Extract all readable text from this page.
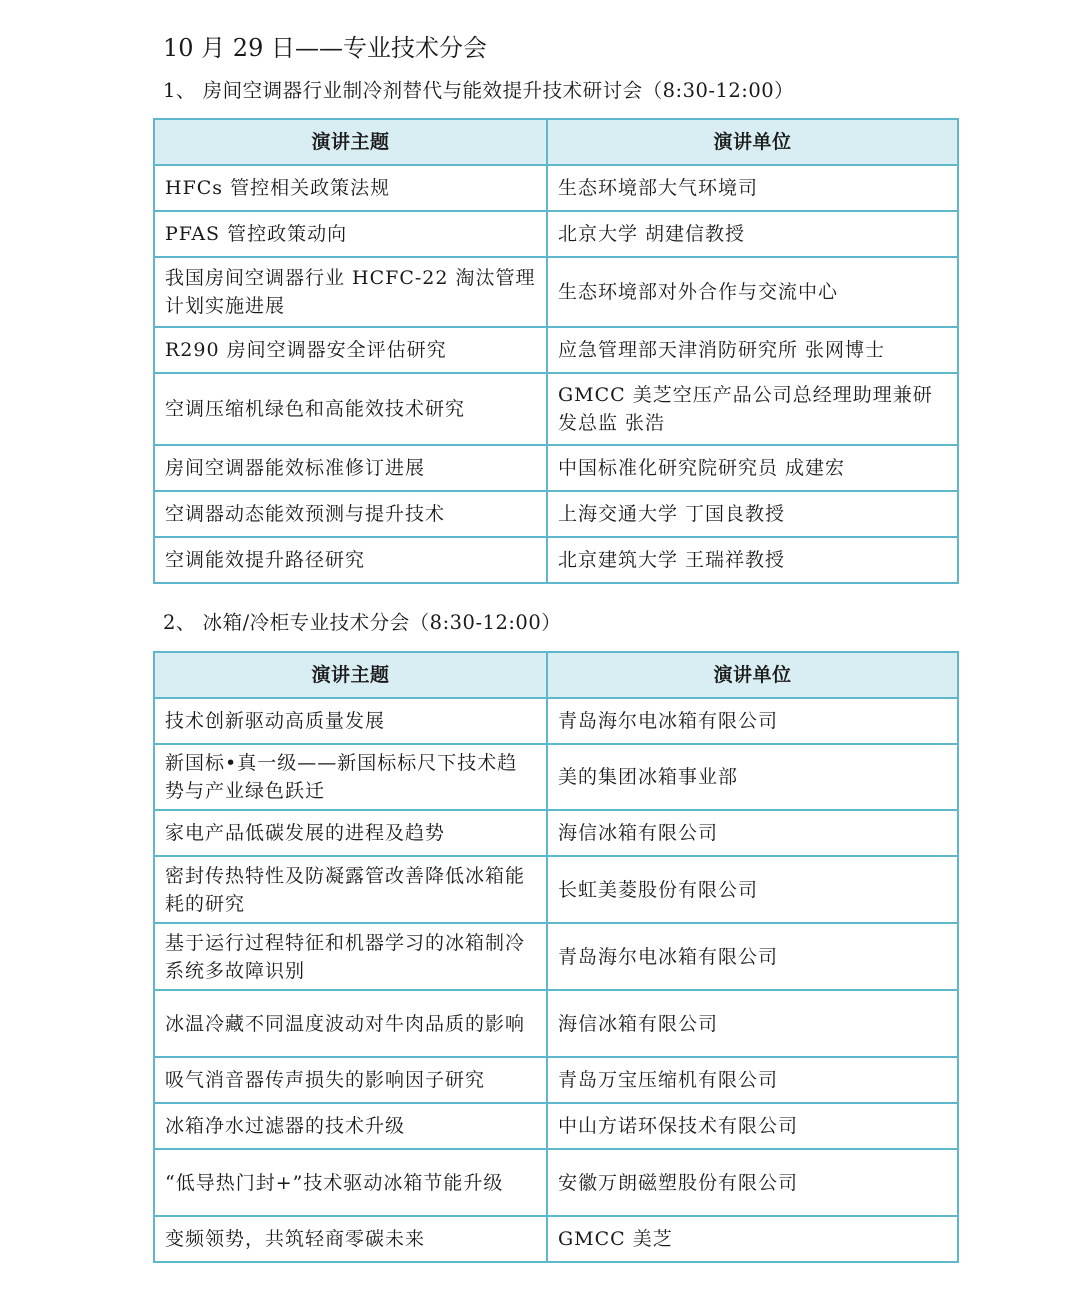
10 月 29 日——专业技术分会
1、 房间空调器行业制冷剂替代与能效提升技术研讨会（8:30-12:00）
演讲主题	演讲单位
HFCs 管控相关政策法规	生态环境部大气环境司
PFAS 管控政策动向	北京大学 胡建信教授
我国房间空调器行业 HCFC-22 淘汰管理计划实施进展	生态环境部对外合作与交流中心
R290 房间空调器安全评估研究	应急管理部天津消防研究所 张网博士
空调压缩机绿色和高能效技术研究	GMCC 美芝空压产品公司总经理助理兼研发总监 张浩
房间空调器能效标准修订进展	中国标准化研究院研究员 成建宏
空调器动态能效预测与提升技术	上海交通大学 丁国良教授
空调能效提升路径研究	北京建筑大学 王瑞祥教授
2、 冰箱/冷柜专业技术分会（8:30-12:00）
演讲主题	演讲单位
技术创新驱动高质量发展	青岛海尔电冰箱有限公司
新国标•真一级——新国标标尺下技术趋势与产业绿色跃迁	美的集团冰箱事业部
家电产品低碳发展的进程及趋势	海信冰箱有限公司
密封传热特性及防凝露管改善降低冰箱能耗的研究	长虹美菱股份有限公司
基于运行过程特征和机器学习的冰箱制冷系统多故障识别	青岛海尔电冰箱有限公司
冰温冷藏不同温度波动对牛肉品质的影响	海信冰箱有限公司
吸气消音器传声损失的影响因子研究	青岛万宝压缩机有限公司
冰箱净水过滤器的技术升级	中山方诺环保技术有限公司
“低导热门封+”技术驱动冰箱节能升级	安徽万朗磁塑股份有限公司
变频领势，共筑轻商零碳未来	GMCC 美芝
